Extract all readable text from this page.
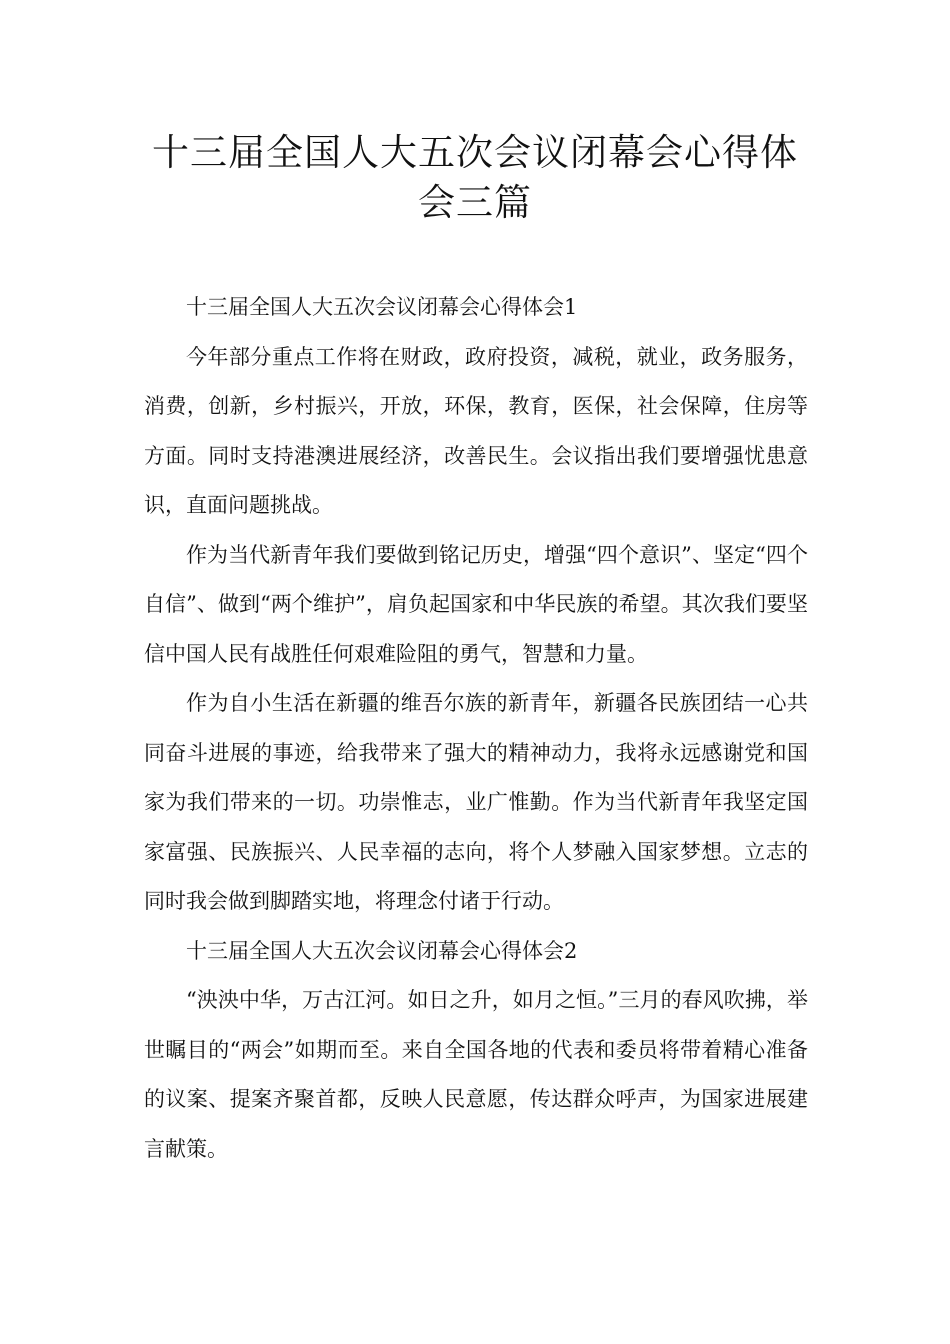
十三届全国人大五次会议闭幕会心得体
会三篇

十三届全国人大五次会议闭幕会心得体会1

今年部分重点工作将在财政，政府投资，减税，就业，政务服务，消费，创新，乡村振兴，开放，环保，教育，医保，社会保障，住房等方面。同时支持港澳进展经济，改善民生。会议指出我们要增强忧患意识，直面问题挑战。

作为当代新青年我们要做到铭记历史，增强“四个意识”、坚定“四个自信”、做到“两个维护”，肩负起国家和中华民族的希望。其次我们要坚信中国人民有战胜任何艰难险阻的勇气，智慧和力量。

作为自小生活在新疆的维吾尔族的新青年，新疆各民族团结一心共同奋斗进展的事迹，给我带来了强大的精神动力，我将永远感谢党和国家为我们带来的一切。功崇惟志，业广惟勤。作为当代新青年我坚定国家富强、民族振兴、人民幸福的志向，将个人梦融入国家梦想。立志的同时我会做到脚踏实地，将理念付诸于行动。

十三届全国人大五次会议闭幕会心得体会2

“泱泱中华，万古江河。如日之升，如月之恒。”三月的春风吹拂，举世瞩目的“两会”如期而至。来自全国各地的代表和委员将带着精心准备的议案、提案齐聚首都，反映人民意愿，传达群众呼声，为国家进展建言献策。
